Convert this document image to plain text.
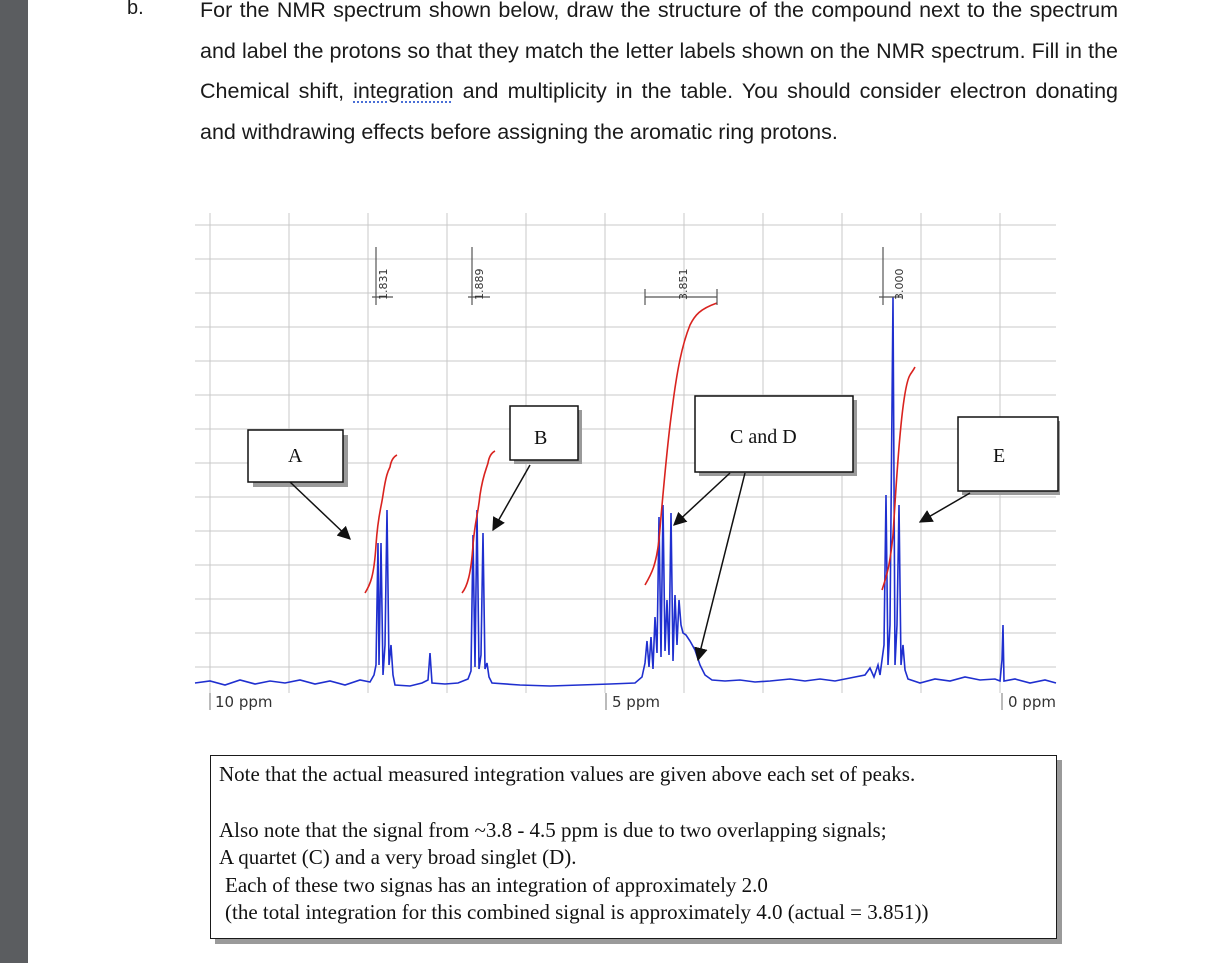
b.	For the NMR spectrum shown below, draw the structure of the compound next to the spectrum and label the protons so that they match the letter labels shown on the NMR spectrum. Fill in the Chemical shift, integration and multiplicity in the table. You should consider electron donating and withdrawing effects before assigning the aromatic ring protons.
1.831	1.889	3.851	3.000
10 ppm	5 ppm	0 ppm
A
B	C and D
E
Note that the actual measured integration values are given above each set of peaks.
Also note that the signal from ~3.8 - 4.5 ppm is due to two overlapping signals;
A quartet (C) and a very broad singlet (D).
Each of these two signas has an integration of approximately 2.0
(the total integration for this combined signal is approximately 4.0 (actual = 3.851))
